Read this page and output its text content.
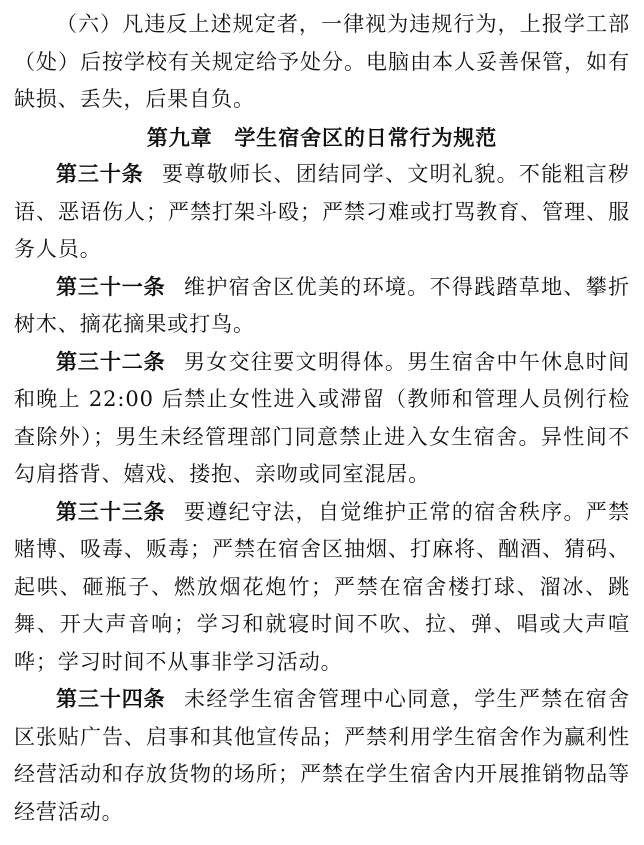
（六）凡违反上述规定者，一律视为违规行为，上报学工部（处）后按学校有关规定给予处分。电脑由本人妥善保管，如有缺损、丢失，后果自负。

第九章　学生宿舍区的日常行为规范

第三十条 要尊敬师长、团结同学、文明礼貌。不能粗言秽语、恶语伤人；严禁打架斗殴；严禁刁难或打骂教育、管理、服务人员。

第三十一条 维护宿舍区优美的环境。不得践踏草地、攀折树木、摘花摘果或打鸟。

第三十二条 男女交往要文明得体。男生宿舍中午休息时间和晚上 22:00 后禁止女性进入或滞留（教师和管理人员例行检查除外）；男生未经管理部门同意禁止进入女生宿舍。异性间不勾肩搭背、嬉戏、搂抱、亲吻或同室混居。

第三十三条 要遵纪守法，自觉维护正常的宿舍秩序。严禁赌博、吸毒、贩毒；严禁在宿舍区抽烟、打麻将、酗酒、猜码、起哄、砸瓶子、燃放烟花炮竹；严禁在宿舍楼打球、溜冰、跳舞、开大声音响；学习和就寝时间不吹、拉、弹、唱或大声喧哗；学习时间不从事非学习活动。

第三十四条 未经学生宿舍管理中心同意，学生严禁在宿舍区张贴广告、启事和其他宣传品；严禁利用学生宿舍作为赢利性经营活动和存放货物的场所；严禁在学生宿舍内开展推销物品等经营活动。
